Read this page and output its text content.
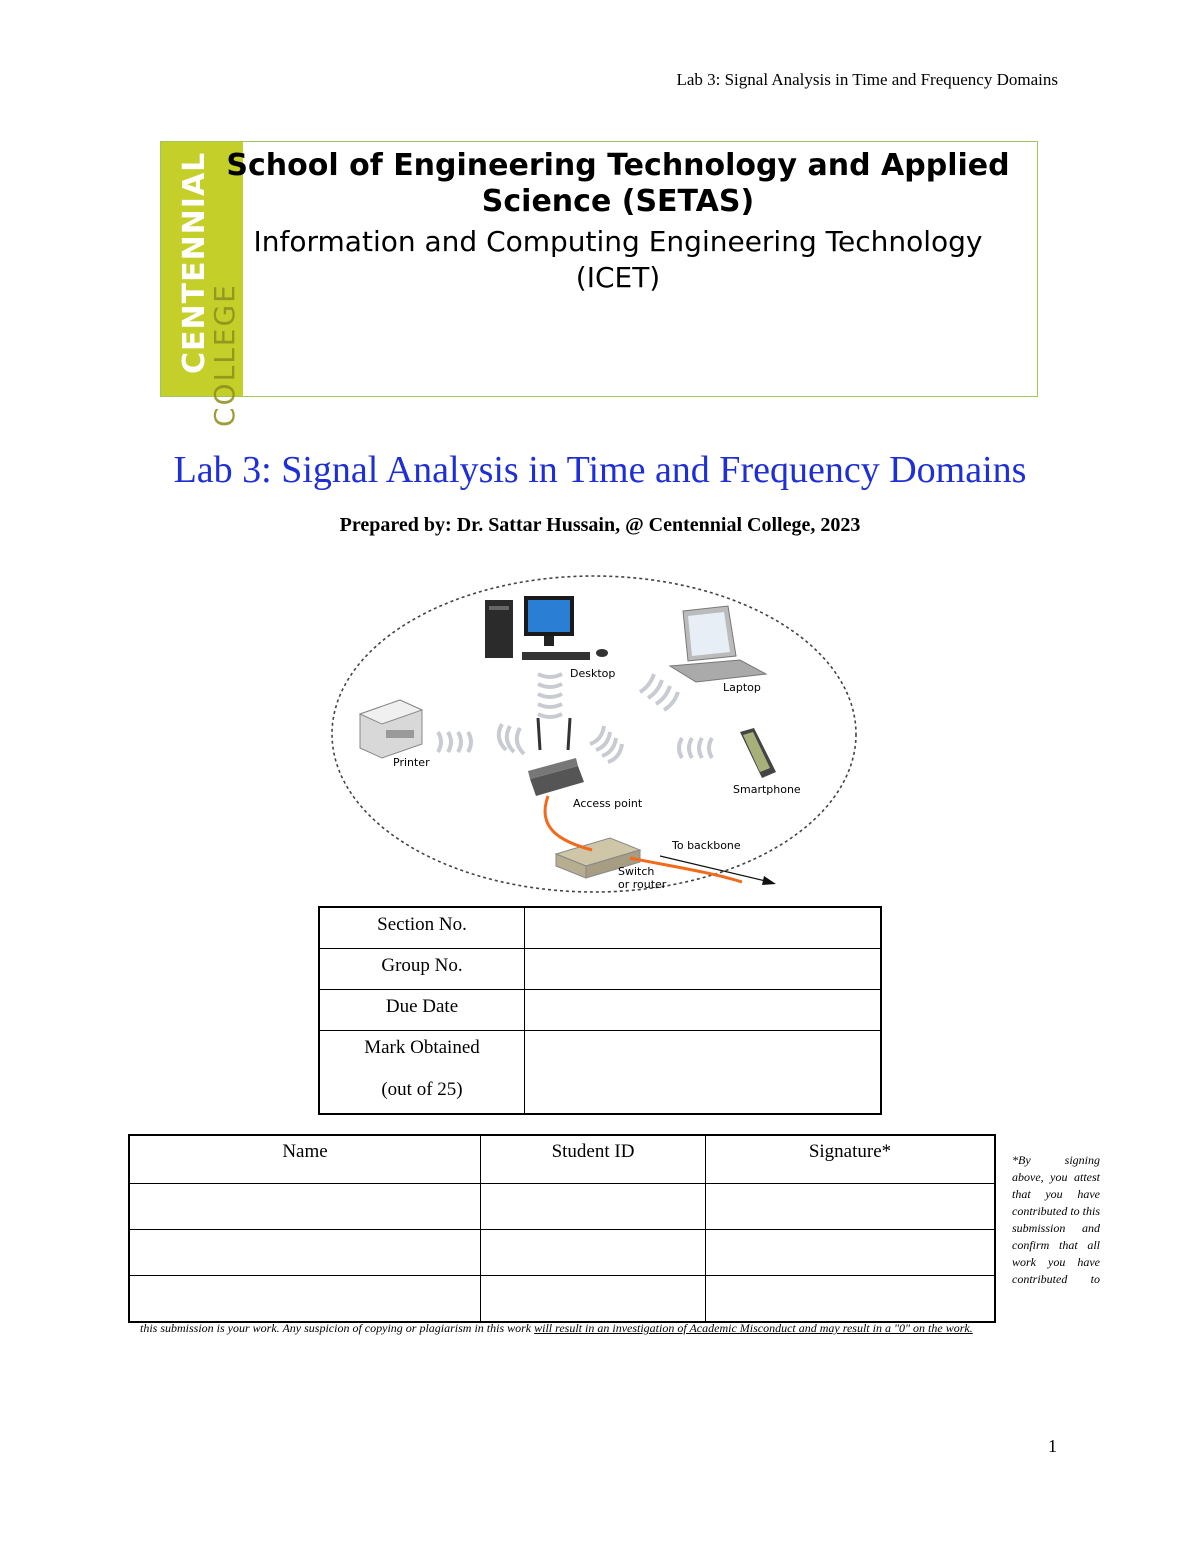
Lab 3: Signal Analysis in Time and Frequency Domains
CENTENNIAL
COLLEGE
School of Engineering Technology and Applied
Science (SETAS)
Information and Computing Engineering Technology
(ICET)
Lab 3: Signal Analysis in Time and Frequency Domains
Prepared by: Dr. Sattar Hussain, @ Centennial College, 2023
Desktop
Laptop
Printer
Access point
Smartphone
Switch
or router
To backbone
Section No.	
Group No.	
Due Date	
Mark Obtained
(out of 25)	

Name	Student ID	Signature*

			*By signing above, you attest that you have contributed to this submission and confirm that all work you have contributed to
this submission is your work. Any suspicion of copying or plagiarism in this work will result in an investigation of Academic Misconduct and may result in a "0" on the work.
1
